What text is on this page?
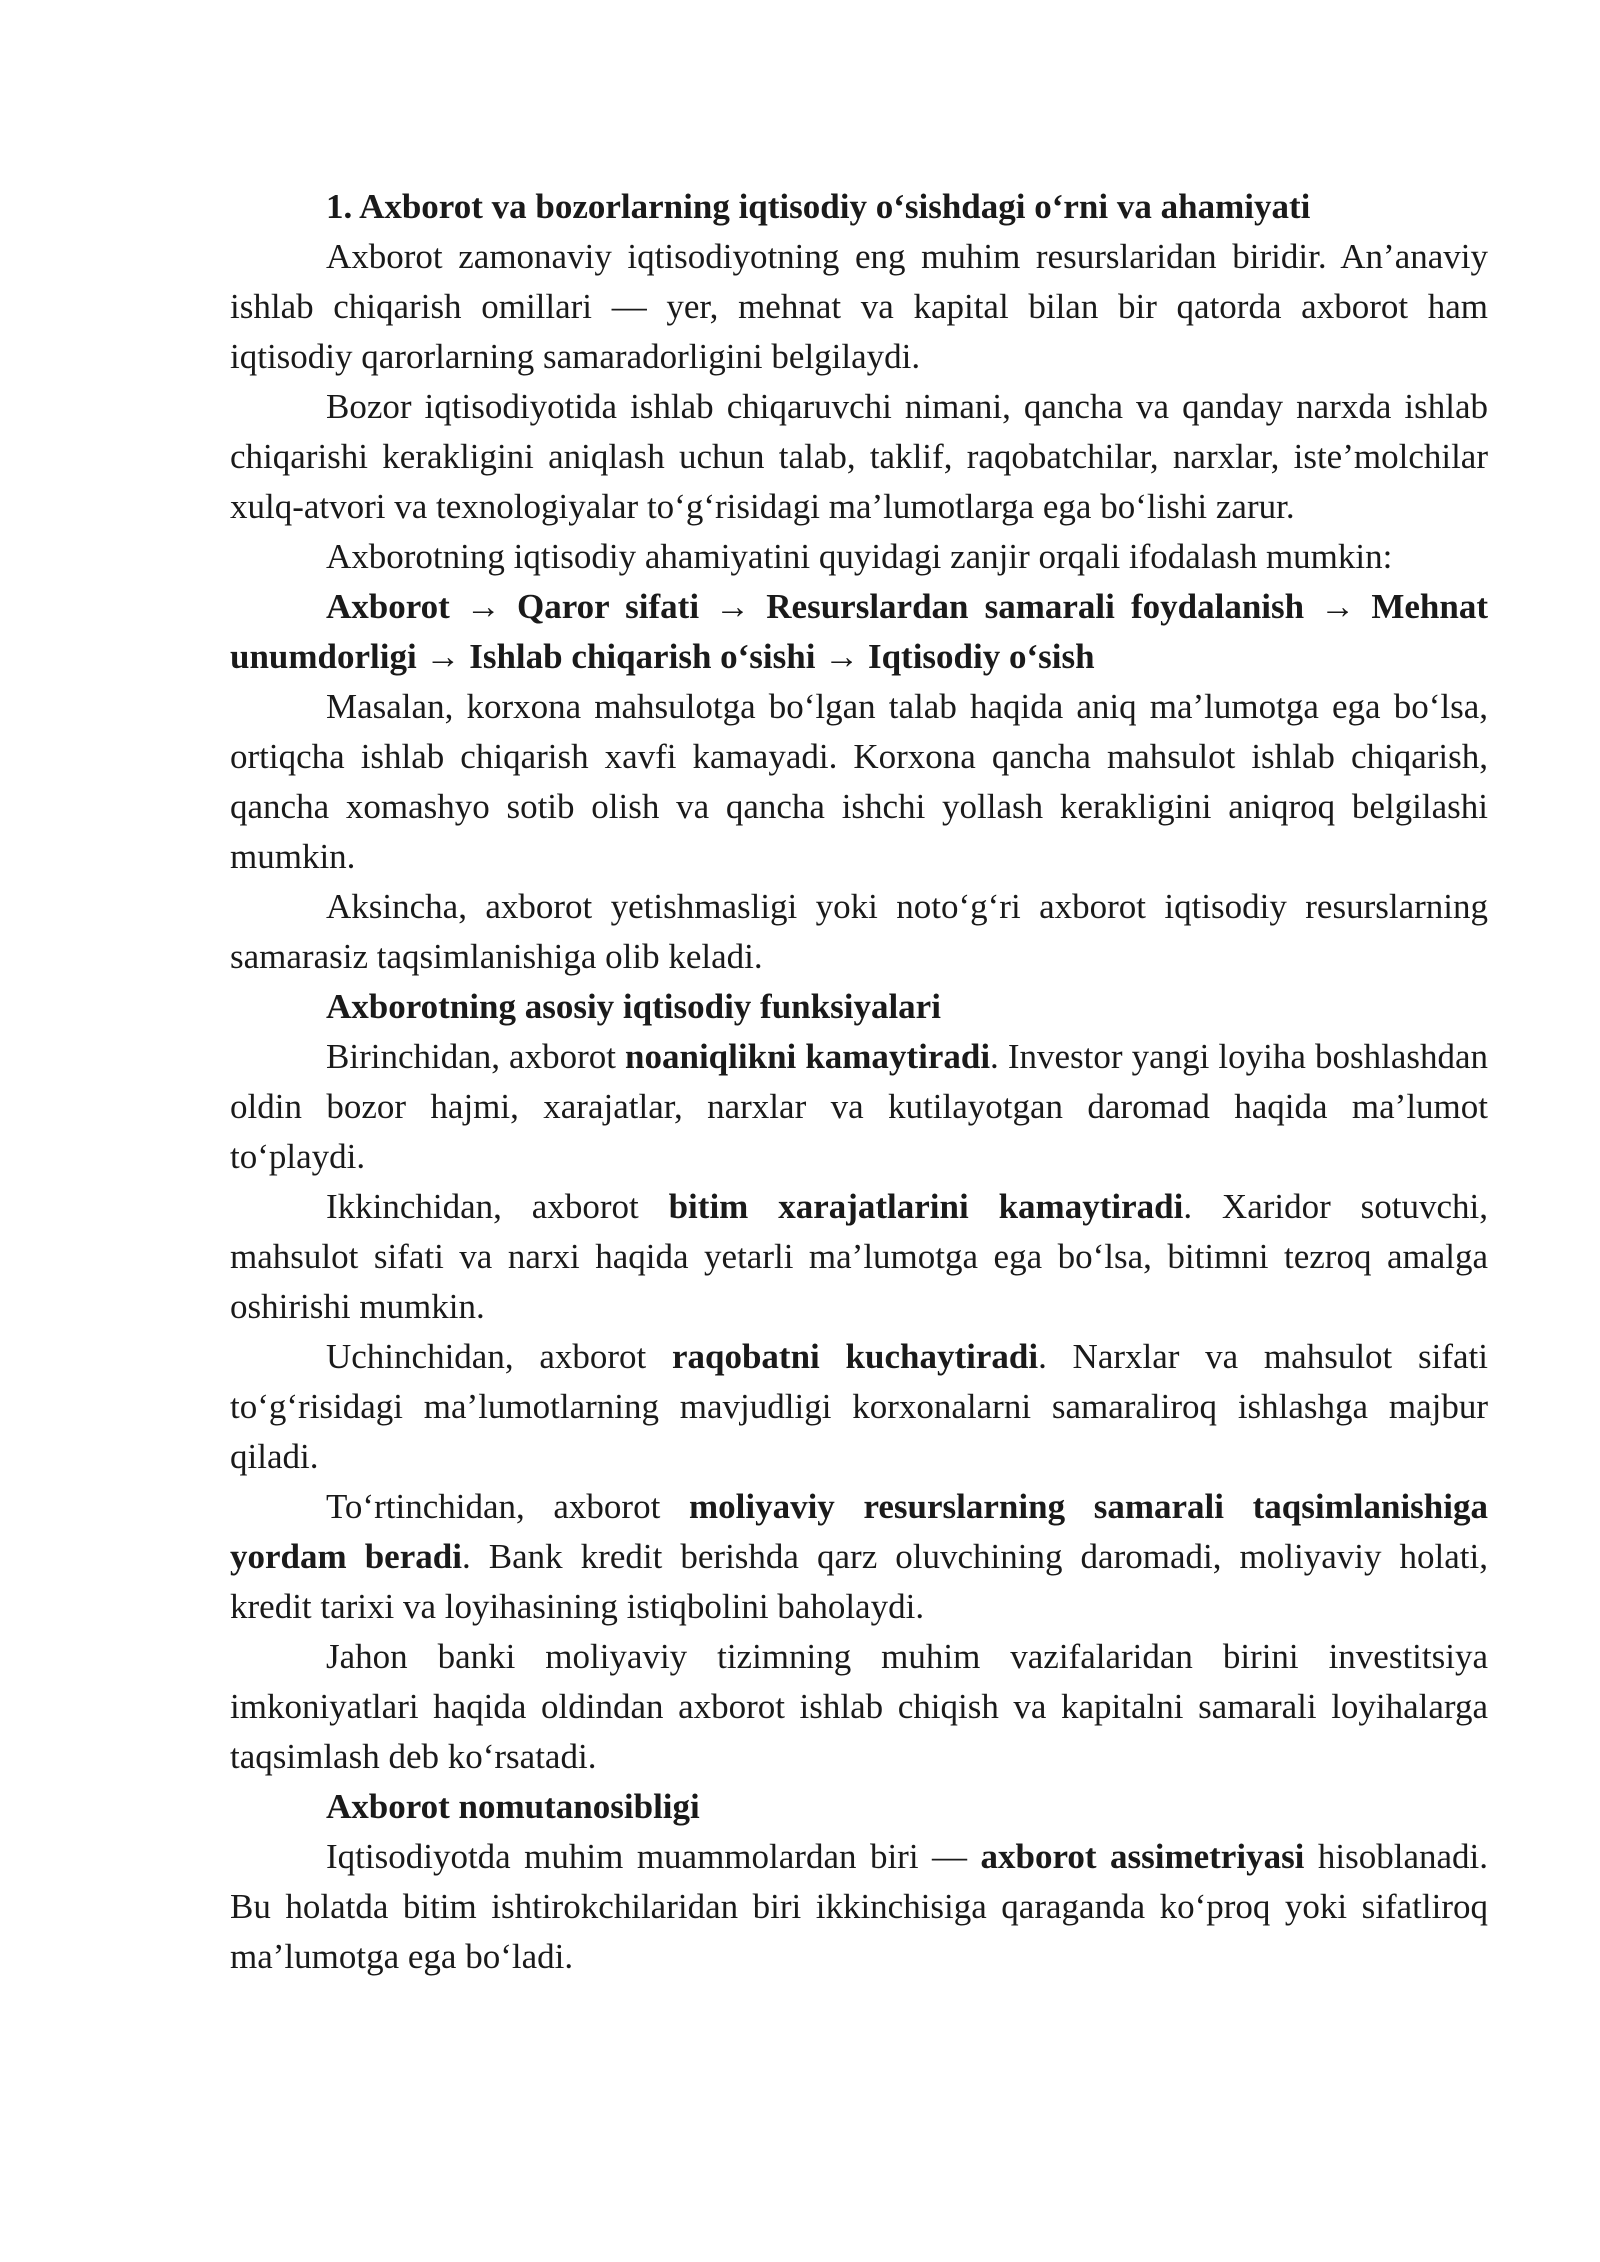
1. Axborot va bozorlarning iqtisodiy o‘sishdagi o‘rni va ahamiyati

Axborot zamonaviy iqtisodiyotning eng muhim resurslaridan biridir. An’anaviy ishlab chiqarish omillari — yer, mehnat va kapital bilan bir qatorda axborot ham iqtisodiy qarorlarning samaradorligini belgilaydi.

Bozor iqtisodiyotida ishlab chiqaruvchi nimani, qancha va qanday narxda ishlab chiqarishi kerakligini aniqlash uchun talab, taklif, raqobatchilar, narxlar, iste’molchilar xulq-atvori va texnologiyalar to‘g‘risidagi ma’lumotlarga ega bo‘lishi zarur.

Axborotning iqtisodiy ahamiyatini quyidagi zanjir orqali ifodalash mumkin:

Axborot → Qaror sifati → Resurslardan samarali foydalanish → Mehnat unumdorligi → Ishlab chiqarish o‘sishi → Iqtisodiy o‘sish

Masalan, korxona mahsulotga bo‘lgan talab haqida aniq ma’lumotga ega bo‘lsa, ortiqcha ishlab chiqarish xavfi kamayadi. Korxona qancha mahsulot ishlab chiqarish, qancha xomashyo sotib olish va qancha ishchi yollash kerakligini aniqroq belgilashi mumkin.

Aksincha, axborot yetishmasligi yoki noto‘g‘ri axborot iqtisodiy resurslarning samarasiz taqsimlanishiga olib keladi.

Axborotning asosiy iqtisodiy funksiyalari

Birinchidan, axborot noaniqlikni kamaytiradi. Investor yangi loyiha boshlashdan oldin bozor hajmi, xarajatlar, narxlar va kutilayotgan daromad haqida ma’lumot to‘playdi.

Ikkinchidan, axborot bitim xarajatlarini kamaytiradi. Xaridor sotuvchi, mahsulot sifati va narxi haqida yetarli ma’lumotga ega bo‘lsa, bitimni tezroq amalga oshirishi mumkin.

Uchinchidan, axborot raqobatni kuchaytiradi. Narxlar va mahsulot sifati to‘g‘risidagi ma’lumotlarning mavjudligi korxonalarni samaraliroq ishlashga majbur qiladi.

To‘rtinchidan, axborot moliyaviy resurslarning samarali taqsimlanishiga yordam beradi. Bank kredit berishda qarz oluvchining daromadi, moliyaviy holati, kredit tarixi va loyihasining istiqbolini baholaydi.

Jahon banki moliyaviy tizimning muhim vazifalaridan birini investitsiya imkoniyatlari haqida oldindan axborot ishlab chiqish va kapitalni samarali loyihalarga taqsimlash deb ko‘rsatadi.

Axborot nomutanosibligi

Iqtisodiyotda muhim muammolardan biri — axborot assimetriyasi hisoblanadi. Bu holatda bitim ishtirokchilaridan biri ikkinchisiga qaraganda ko‘proq yoki sifatliroq ma’lumotga ega bo‘ladi.
